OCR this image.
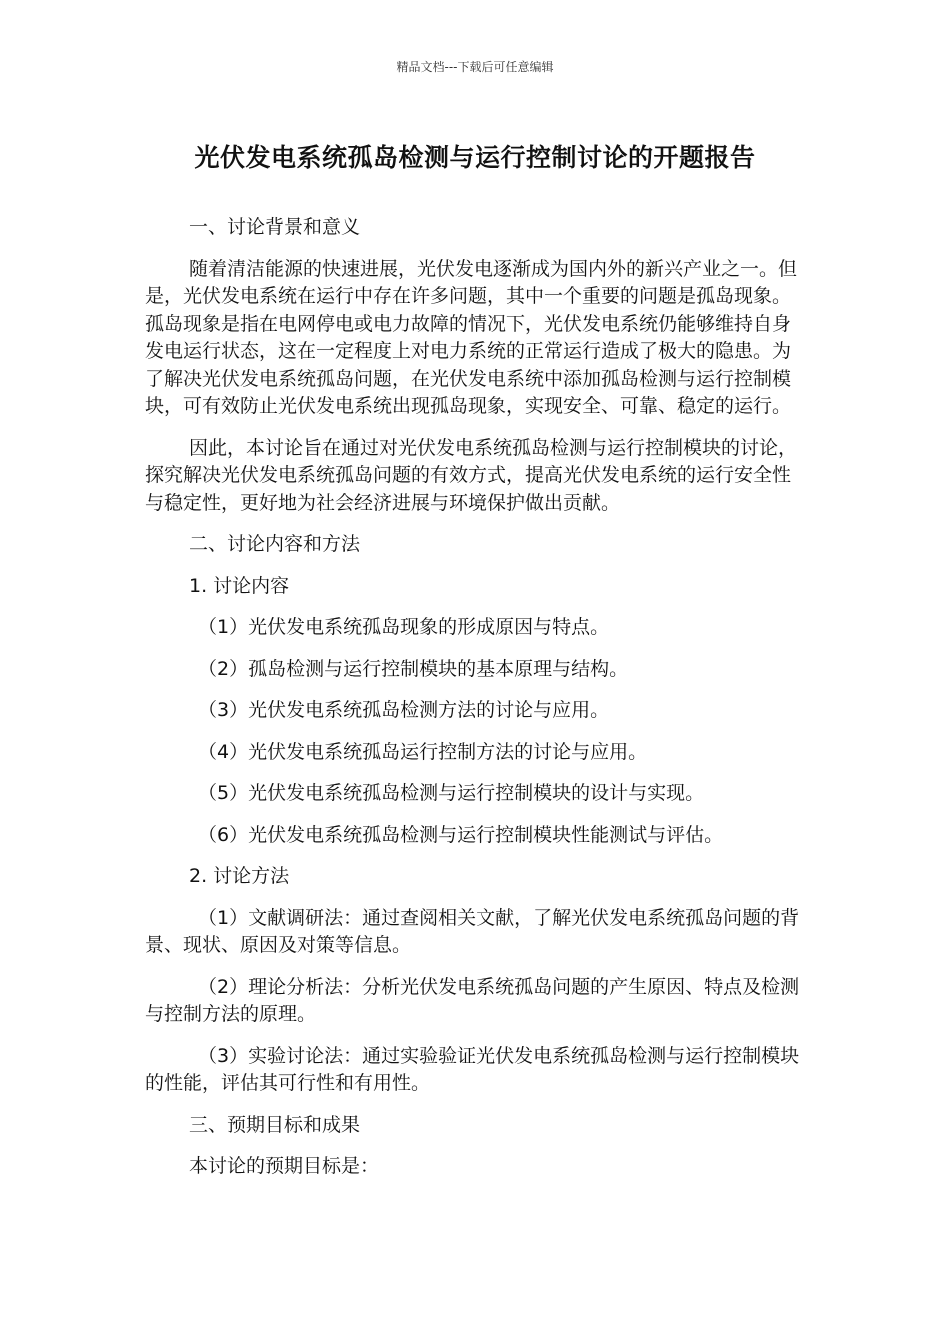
精品文档---下载后可任意编辑
光伏发电系统孤岛检测与运行控制讨论的开题报告

一、讨论背景和意义

随着清洁能源的快速进展，光伏发电逐渐成为国内外的新兴产业之一。但是，光伏发电系统在运行中存在许多问题，其中一个重要的问题是孤岛现象。孤岛现象是指在电网停电或电力故障的情况下，光伏发电系统仍能够维持自身发电运行状态，这在一定程度上对电力系统的正常运行造成了极大的隐患。为了解决光伏发电系统孤岛问题，在光伏发电系统中添加孤岛检测与运行控制模块，可有效防止光伏发电系统出现孤岛现象，实现安全、可靠、稳定的运行。

因此，本讨论旨在通过对光伏发电系统孤岛检测与运行控制模块的讨论，探究解决光伏发电系统孤岛问题的有效方式，提高光伏发电系统的运行安全性与稳定性，更好地为社会经济进展与环境保护做出贡献。

二、讨论内容和方法

1. 讨论内容

（1）光伏发电系统孤岛现象的形成原因与特点。

（2）孤岛检测与运行控制模块的基本原理与结构。

（3）光伏发电系统孤岛检测方法的讨论与应用。

（4）光伏发电系统孤岛运行控制方法的讨论与应用。

（5）光伏发电系统孤岛检测与运行控制模块的设计与实现。

（6）光伏发电系统孤岛检测与运行控制模块性能测试与评估。

2. 讨论方法

（1）文献调研法：通过查阅相关文献，了解光伏发电系统孤岛问题的背景、现状、原因及对策等信息。

（2）理论分析法：分析光伏发电系统孤岛问题的产生原因、特点及检测与控制方法的原理。

（3）实验讨论法：通过实验验证光伏发电系统孤岛检测与运行控制模块的性能，评估其可行性和有用性。

三、预期目标和成果

本讨论的预期目标是：
